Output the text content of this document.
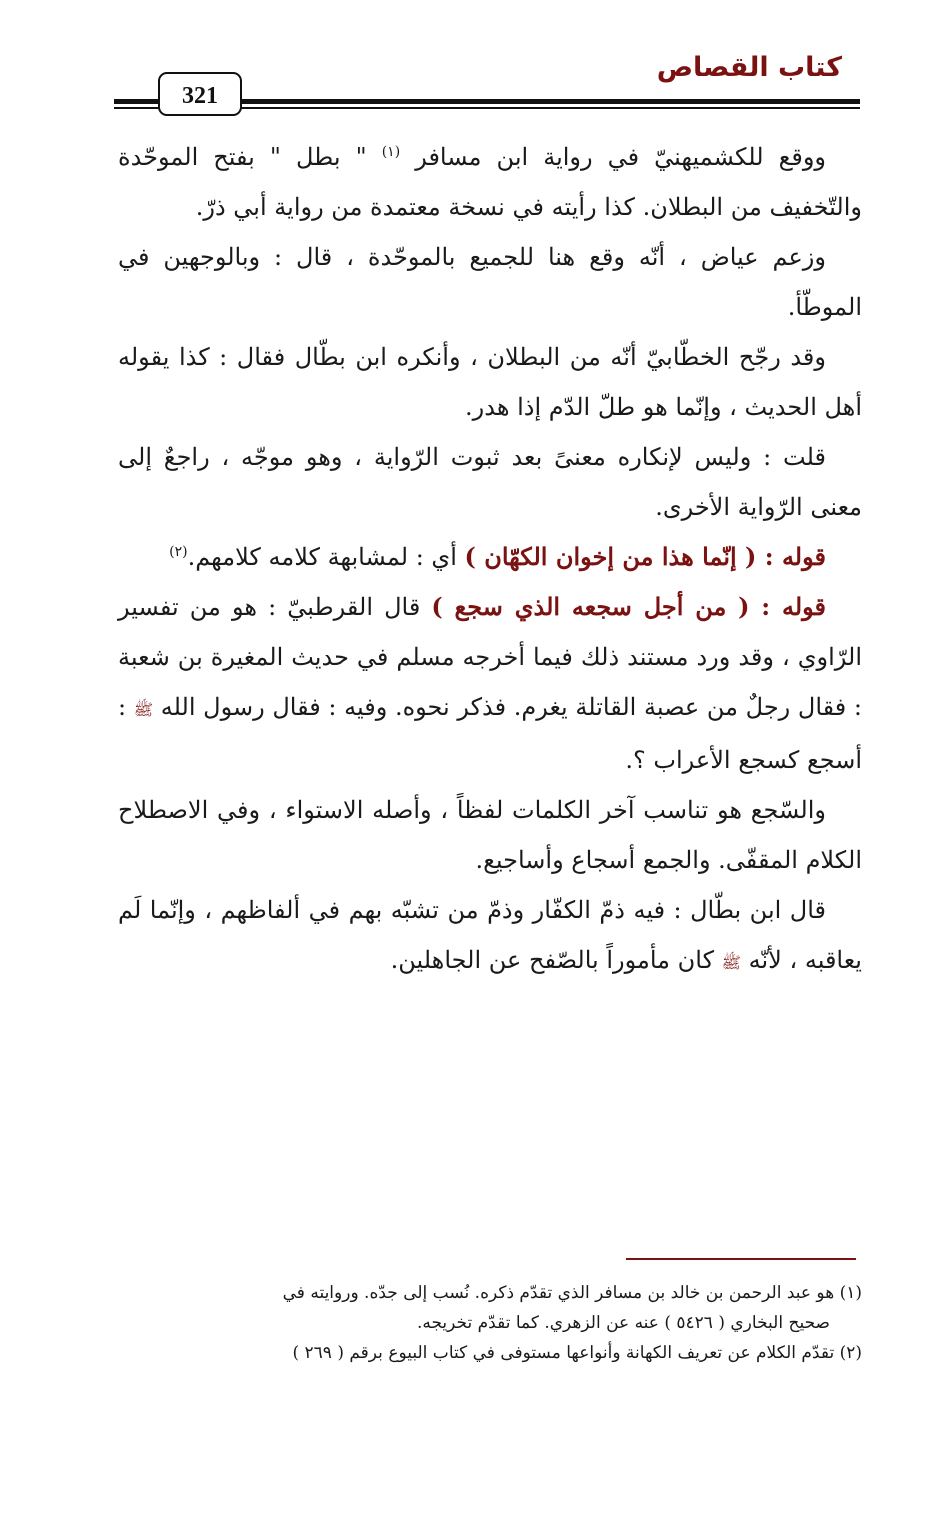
كتاب القصاص
321

ووقع للكشميهنيّ في رواية ابن مسافر $^{(١)}$ " بطل " بفتح الموحّدة والتّخفيف من البطلان. كذا رأيته في نسخة معتمدة من رواية أبي ذرّ.

وزعم عياض ، أنّه وقع هنا للجميع بالموحّدة ، قال : وبالوجهين في الموطّأ.

وقد رجّح الخطّابيّ أنّه من البطلان ، وأنكره ابن بطّال فقال : كذا يقوله أهل الحديث ، وإنّما هو طلّ الدّم إذا هدر.

قلت : وليس لإنكاره معنىً بعد ثبوت الرّواية ، وهو موجّه ، راجعٌ إلى معنى الرّواية الأخرى.

قوله : ( إنّما هذا من إخوان الكهّان ) أي : لمشابهة كلامه كلامهم.$^{(٢)}$

قوله : ( من أجل سجعه الذي سجع ) قال القرطبيّ : هو من تفسير الرّاوي ، وقد ورد مستند ذلك فيما أخرجه مسلم في حديث المغيرة بن شعبة : فقال رجلٌ من عصبة القاتلة يغرم. فذكر نحوه. وفيه : فقال رسول الله ﷺ : أسجع كسجع الأعراب ؟.

والسّجع هو تناسب آخر الكلمات لفظاً ، وأصله الاستواء ، وفي الاصطلاح الكلام المقفّى. والجمع أسجاع وأساجيع.

قال ابن بطّال : فيه ذمّ الكفّار وذمّ من تشبّه بهم في ألفاظهم ، وإنّما لَم يعاقبه ، لأنّه ﷺ كان مأموراً بالصّفح عن الجاهلين.

(١) هو عبد الرحمن بن خالد بن مسافر الذي تقدّم ذكره. نُسب إلى جدّه. وروايته في

صحيح البخاري ( ٥٤٢٦ ) عنه عن الزهري. كما تقدّم تخريجه.

(٢) تقدّم الكلام عن تعريف الكهانة وأنواعها مستوفى في كتاب البيوع برقم ( ٢٦٩ )
